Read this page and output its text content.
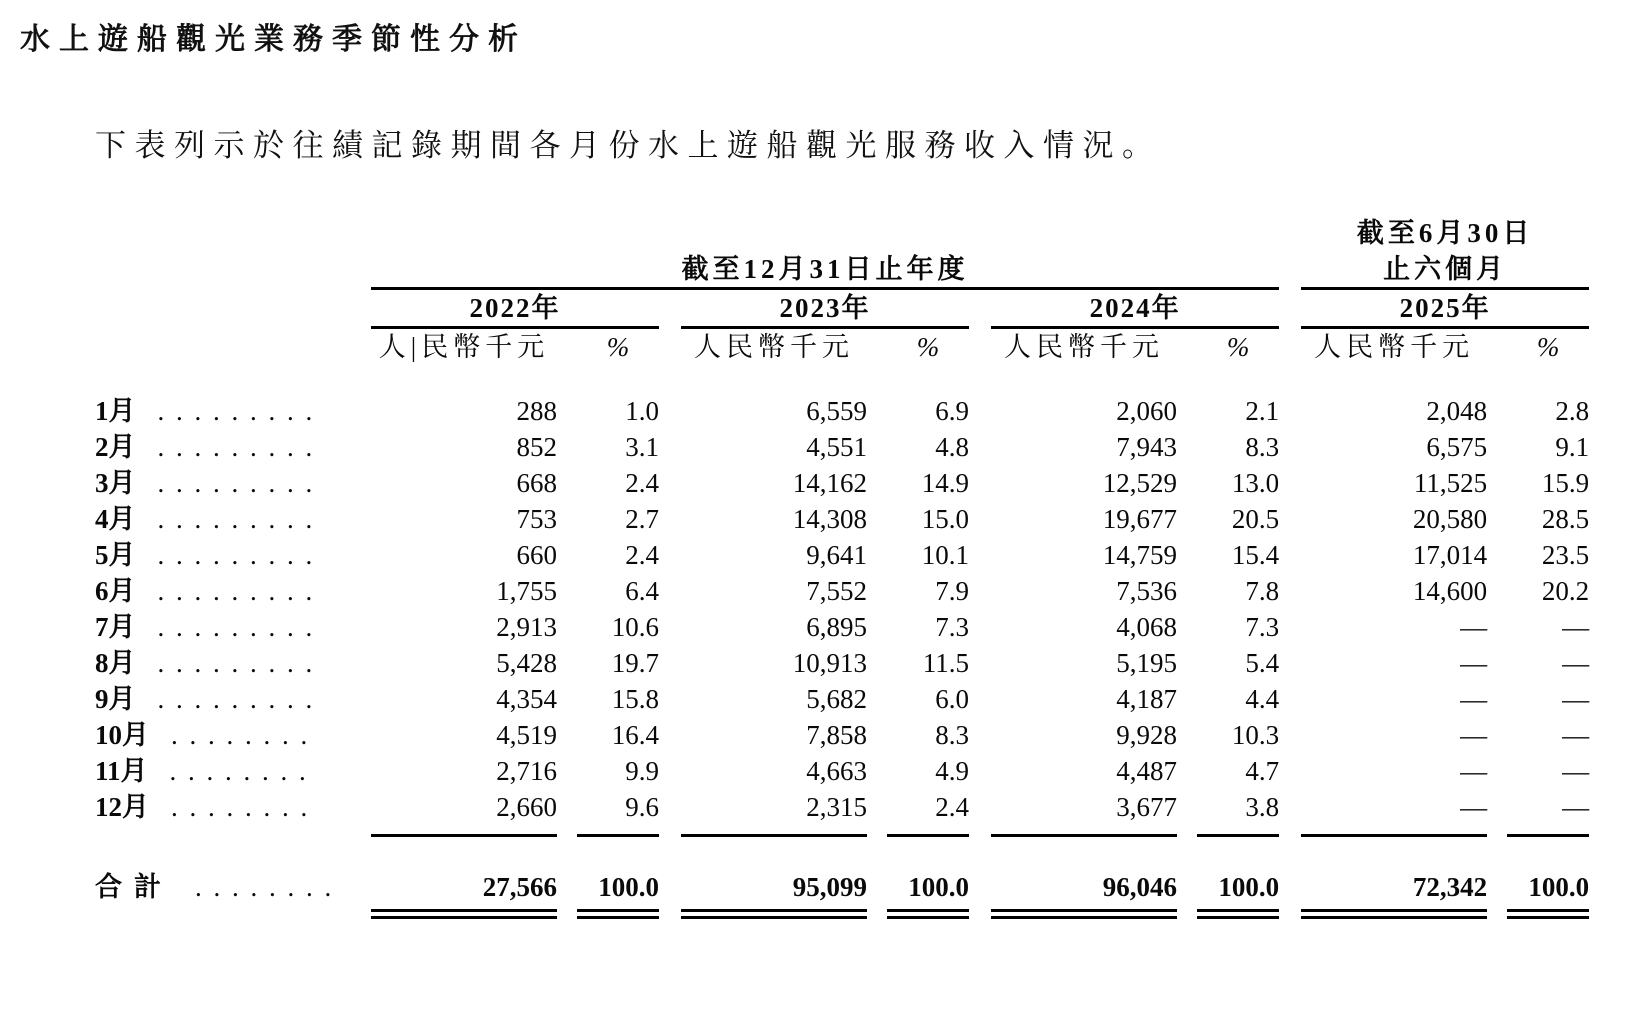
水上遊船觀光業務季節性分析

下表列示於往績記錄期間各月份水上遊船觀光服務收入情況。

	截至12月31日止年度												截至6月30日
止六個月		

	2022年				2023年				2024年				2025年		
	人|民幣千元		%		人民幣千元		%		人民幣千元		%		人民幣千元		%

1月 . . . . . . . . .	288		1.0		6,559		6.9		2,060		2.1		2,048		2.8
2月 . . . . . . . . .	852		3.1		4,551		4.8		7,943		8.3		6,575		9.1
3月 . . . . . . . . .	668		2.4		14,162		14.9		12,529		13.0		11,525		15.9
4月 . . . . . . . . .	753		2.7		14,308		15.0		19,677		20.5		20,580		28.5
5月 . . . . . . . . .	660		2.4		9,641		10.1		14,759		15.4		17,014		23.5
6月 . . . . . . . . .	1,755		6.4		7,552		7.9		7,536		7.8		14,600		20.2
7月 . . . . . . . . .	2,913		10.6		6,895		7.3		4,068		7.3		—		—
8月 . . . . . . . . .	5,428		19.7		10,913		11.5		5,195		5.4		—		—
9月 . . . . . . . . .	4,354		15.8		5,682		6.0		4,187		4.4		—		—
10月 . . . . . . . .	4,519		16.4		7,858		8.3		9,928		10.3		—		—
11月 . . . . . . . .	2,716		9.9		4,663		4.9		4,487		4.7		—		—
12月 . . . . . . . .	2,660		9.6		2,315		2.4		3,677		3.8		—		—

合計 . . . . . . . .	27,566		100.0		95,099		100.0		96,046		100.0		72,342		100.0
